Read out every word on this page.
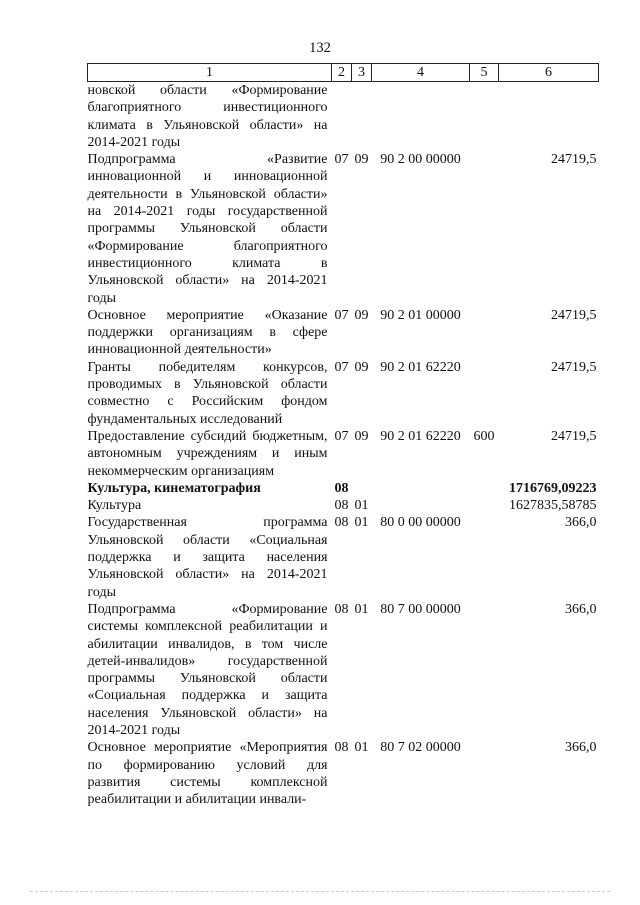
132
1	2	3	4	5	6
новской области «Формирование благоприятного инвестиционного климата в Ульяновской области» на 2014-2021 годы					
Подпрограмма «Развитие инновационной и инновационной деятельности в Ульяновской области» на 2014-2021 годы государственной программы Ульяновской области «Формирование благоприятного инвестиционного климата в Ульяновской области» на 2014-2021 годы	07	09	90 2 00 00000		24719,5
Основное мероприятие «Оказание поддержки организациям в сфере инновационной деятельности»	07	09	90 2 01 00000		24719,5
Гранты победителям конкурсов, проводимых в Ульяновской области совместно с Российским фондом фундаментальных исследований	07	09	90 2 01 62220		24719,5
Предоставление субсидий бюджетным, автономным учреждениям и иным некоммерческим организациям	07	09	90 2 01 62220	600	24719,5
Культура, кинематография	08				1716769,09223
Культура	08	01			1627835,58785
Государственная программа Ульяновской области «Социальная поддержка и защита населения Ульяновской области» на 2014-2021 годы	08	01	80 0 00 00000		366,0
Подпрограмма «Формирование системы комплексной реабилитации и абилитации инвалидов, в том числе детей-инвалидов» государственной программы Ульяновской области «Социальная поддержка и защита населения Ульяновской области» на 2014-2021 годы	08	01	80 7 00 00000		366,0
Основное мероприятие «Мероприятия по формированию условий для развития системы комплексной реабилитации и абилитации инвали-	08	01	80 7 02 00000		366,0
